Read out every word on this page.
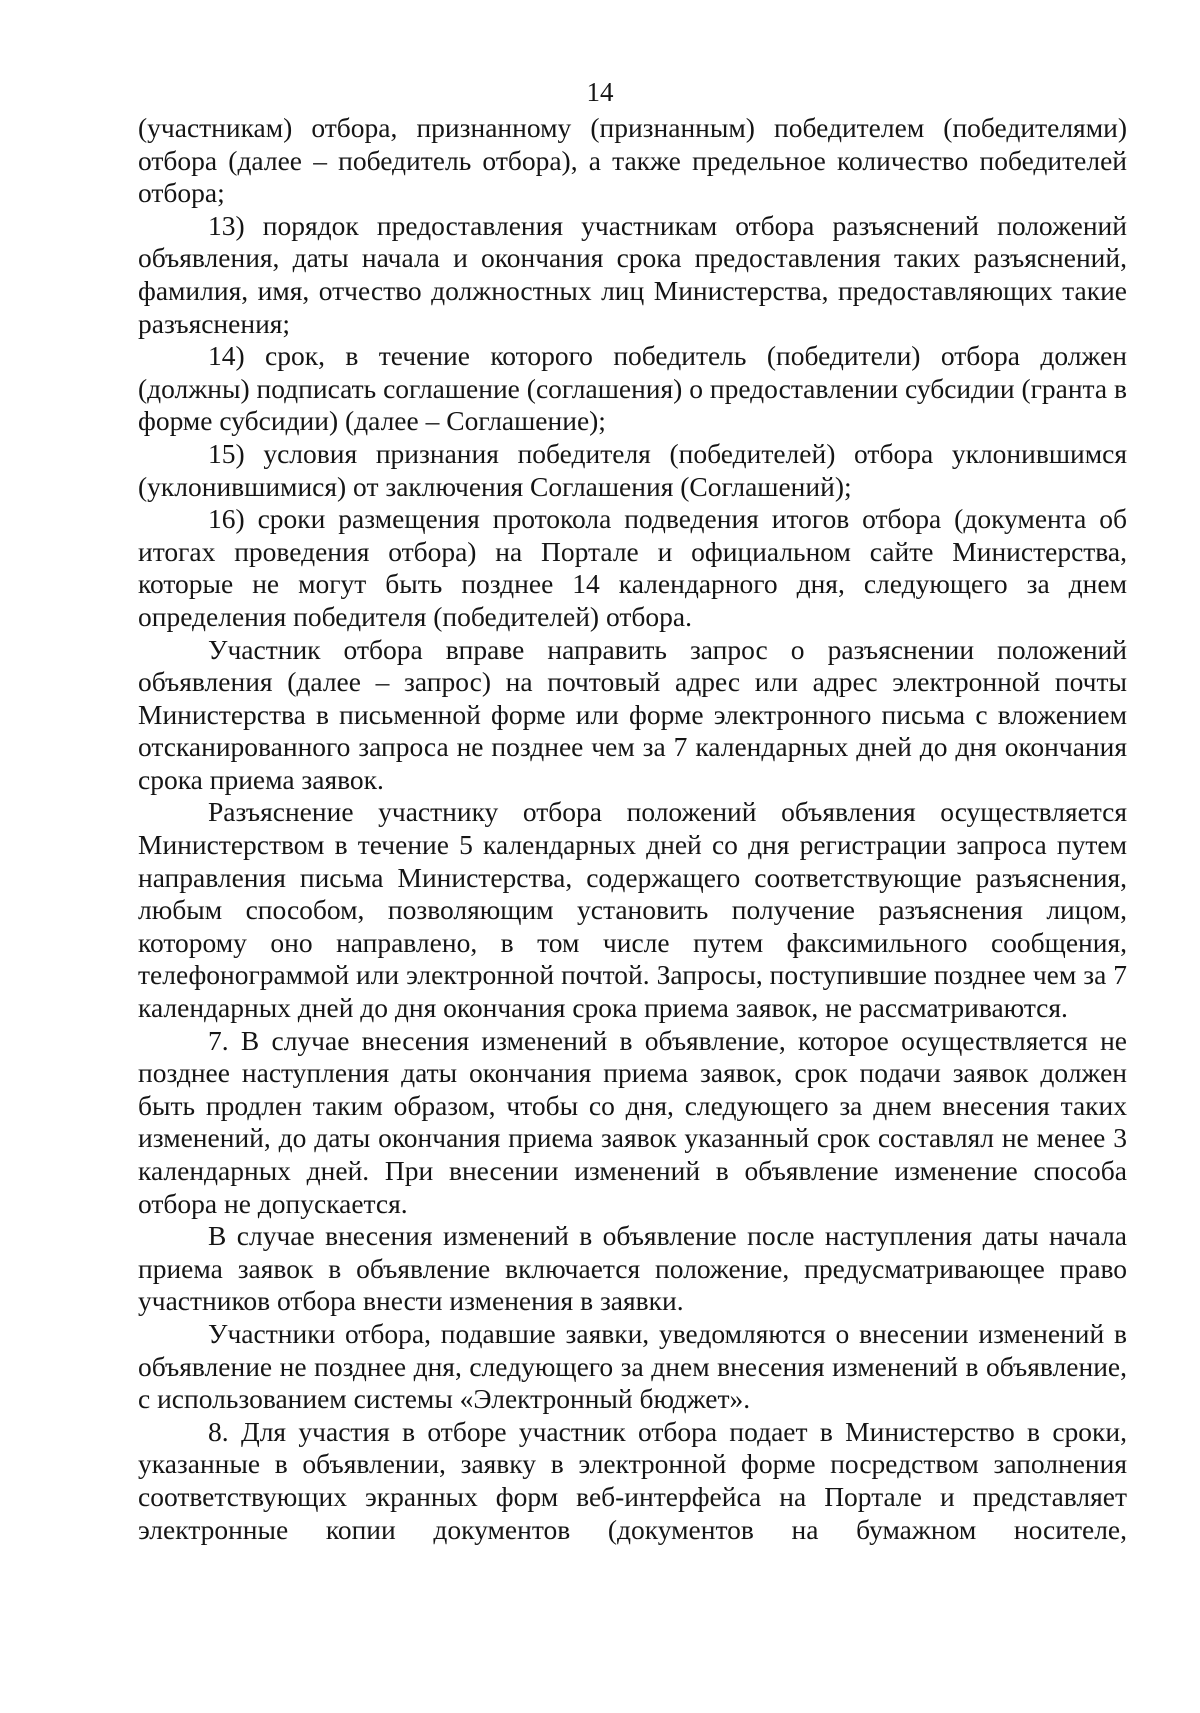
14

(участникам) отбора, признанному (признанным) победителем (победителями) отбора (далее – победитель отбора), а также предельное количество победителей отбора;

13) порядок предоставления участникам отбора разъяснений положений объявления, даты начала и окончания срока предоставления таких разъяснений, фамилия, имя, отчество должностных лиц Министерства, предоставляющих такие разъяснения;

14) срок, в течение которого победитель (победители) отбора должен (должны) подписать соглашение (соглашения) о предоставлении субсидии (гранта в форме субсидии) (далее – Соглашение);

15) условия признания победителя (победителей) отбора уклонившимся (уклонившимися) от заключения Соглашения (Соглашений);

16) сроки размещения протокола подведения итогов отбора (документа об итогах проведения отбора) на Портале и официальном сайте Министерства, которые не могут быть позднее 14 календарного дня, следующего за днем определения победителя (победителей) отбора.

Участник отбора вправе направить запрос о разъяснении положений объявления (далее – запрос) на почтовый адрес или адрес электронной почты Министерства в письменной форме или форме электронного письма с вложением отсканированного запроса не позднее чем за 7 календарных дней до дня окончания срока приема заявок.

Разъяснение участнику отбора положений объявления осуществляется Министерством в течение 5 календарных дней со дня регистрации запроса путем направления письма Министерства, содержащего соответствующие разъяснения, любым способом, позволяющим установить получение разъяснения лицом, которому оно направлено, в том числе путем факсимильного сообщения, телефонограммой или электронной почтой. Запросы, поступившие позднее чем за 7 календарных дней до дня окончания срока приема заявок, не рассматриваются.

7. В случае внесения изменений в объявление, которое осуществляется не позднее наступления даты окончания приема заявок, срок подачи заявок должен быть продлен таким образом, чтобы со дня, следующего за днем внесения таких изменений, до даты окончания приема заявок указанный срок составлял не менее 3 календарных дней. При внесении изменений в объявление изменение способа отбора не допускается.

В случае внесения изменений в объявление после наступления даты начала приема заявок в объявление включается положение, предусматривающее право участников отбора внести изменения в заявки.

Участники отбора, подавшие заявки, уведомляются о внесении изменений в объявление не позднее дня, следующего за днем внесения изменений в объявление, с использованием системы «Электронный бюджет».

8. Для участия в отборе участник отбора подает в Министерство в сроки, указанные в объявлении, заявку в электронной форме посредством заполнения соответствующих экранных форм веб-интерфейса на Портале и представляет электронные копии документов (документов на бумажном носителе,
